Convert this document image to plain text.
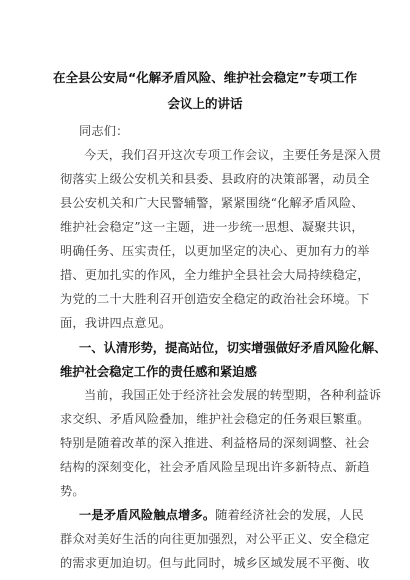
在全县公安局“化解矛盾风险、维护社会稳定”专项工作
会议上的讲话
同志们：
今天，我们召开这次专项工作会议，主要任务是深入贯
彻落实上级公安机关和县委、县政府的决策部署，动员全
县公安机关和广大民警辅警，紧紧围绕“化解矛盾风险、
维护社会稳定”这一主题，进一步统一思想、凝聚共识，
明确任务、压实责任，以更加坚定的决心、更加有力的举
措、更加扎实的作风，全力维护全县社会大局持续稳定，
为党的二十大胜利召开创造安全稳定的政治社会环境。下
面，我讲四点意见。
一、认清形势，提高站位，切实增强做好矛盾风险化解、
维护社会稳定工作的责任感和紧迫感
当前，我国正处于经济社会发展的转型期，各种利益诉
求交织、矛盾风险叠加，维护社会稳定的任务艰巨繁重。
特别是随着改革的深入推进、利益格局的深刻调整、社会
结构的深刻变化，社会矛盾风险呈现出许多新特点、新趋
势。
一是矛盾风险触点增多。随着经济社会的发展，人民
群众对美好生活的向往更加强烈，对公平正义、安全稳定
的需求更加迫切。但与此同时，城乡区域发展不平衡、收
